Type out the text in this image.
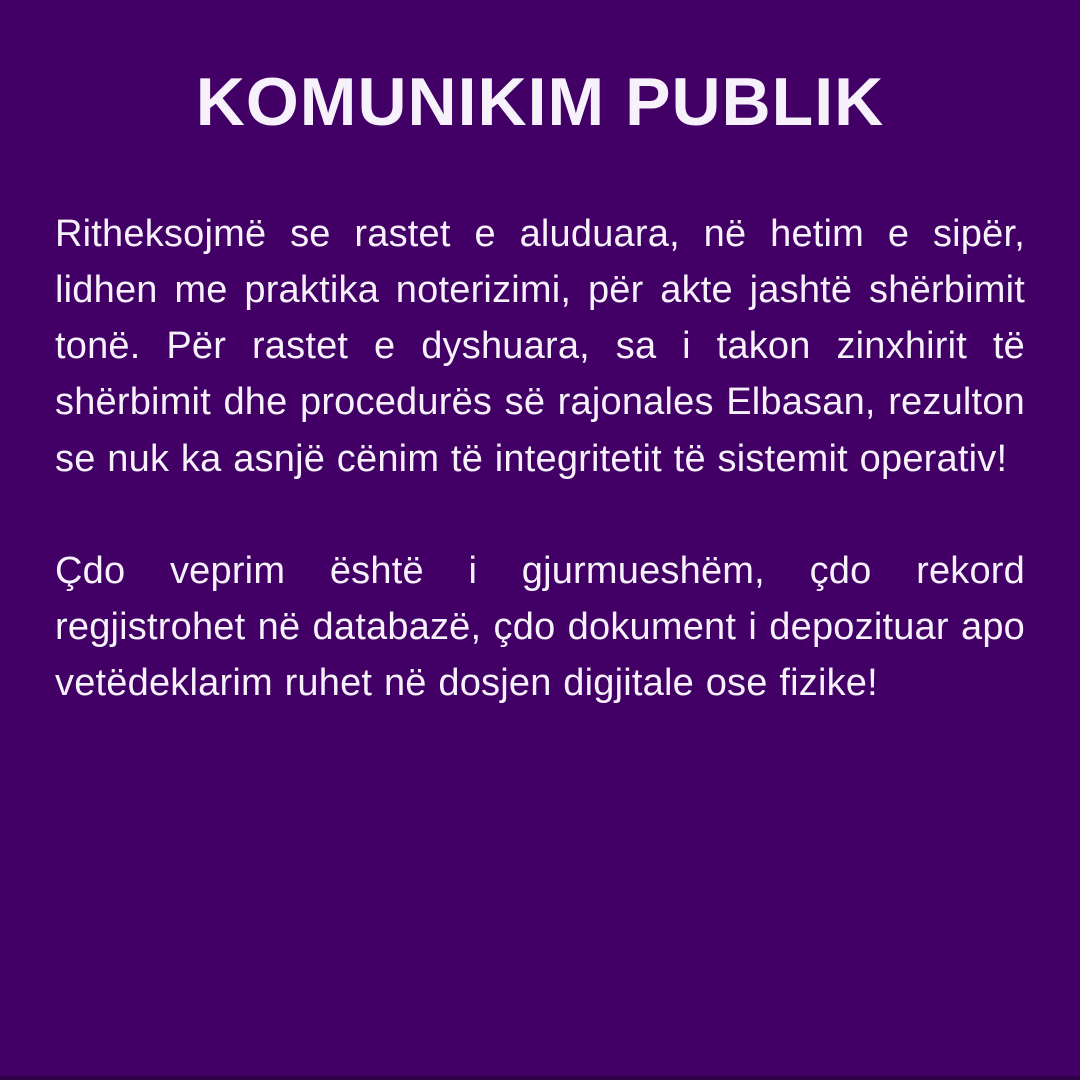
KOMUNIKIM PUBLIK

Ritheksojmë se rastet e aluduara, në hetim e sipër, lidhen me praktika noterizimi, për akte jashtë shërbimit tonë. Për rastet e dyshuara, sa i takon zinxhirit të shërbimit dhe procedurës së rajonales Elbasan, rezulton se nuk ka asnjë cënim të integritetit të sistemit operativ!

Çdo veprim është i gjurmueshëm, çdo rekord regjistrohet në databazë, çdo dokument i depozituar apo vetëdeklarim ruhet në dosjen digjitale ose fizike!
